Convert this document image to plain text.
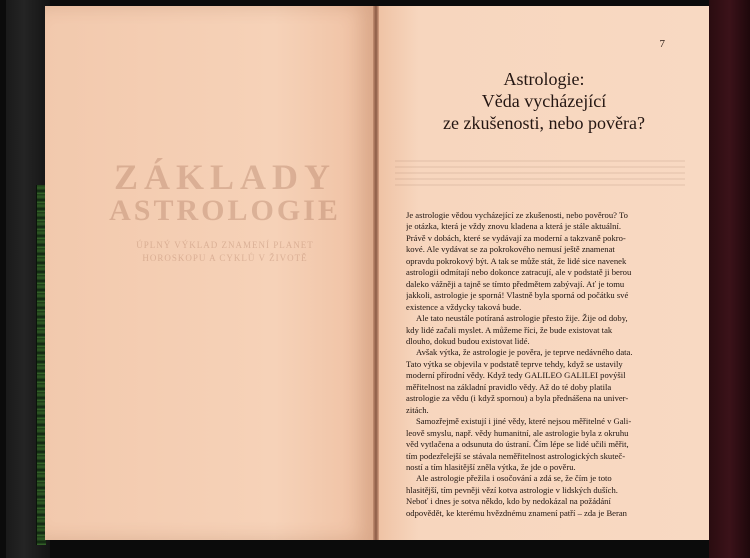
ZÁKLADY
ASTROLOGIE
ÚPLNÝ VÝKLAD ZNAMENÍ PLANET
HOROSKOPU A CYKLŮ V ŽIVOTĚ
7
Astrologie:
Věda vycházející
ze zkušenosti, nebo pověra?
Je astrologie vědou vycházející ze zkušenosti, nebo pověrou? To
je otázka, která je vždy znovu kladena a která je stále aktuální.
Právě v dobách, které se vydávají za moderní a takzvaně pokro-
kové. Ale vydávat se za pokrokového nemusí ještě znamenat
opravdu pokrokový být. A tak se může stát, že lidé sice navenek
astrologii odmítají nebo dokonce zatracují, ale v podstatě ji berou
daleko vážněji a tajně se tímto předmětem zabývají. Ať je tomu
jakkoli, astrologie je sporná! Vlastně byla sporná od počátku své
existence a vždycky taková bude.
Ale tato neustále potíraná astrologie přesto žije. Žije od doby,
kdy lidé začali myslet. A můžeme říci, že bude existovat tak
dlouho, dokud budou existovat lidé.
Avšak výtka, že astrologie je pověra, je teprve nedávného data.
Tato výtka se objevila v podstatě teprve tehdy, když se ustavily
moderní přírodní vědy. Když tedy GALILEO GALILEI povýšil
měřitelnost na základní pravidlo vědy. Až do té doby platila
astrologie za vědu (i když spornou) a byla přednášena na univer-
zitách.
Samozřejmě existují i jiné vědy, které nejsou měřitelné v Gali-
leově smyslu, např. vědy humanitní, ale astrologie byla z okruhu
věd vytlačena a odsunuta do ústraní. Čím lépe se lidé učili měřit,
tím podezřelejší se stávala neměřitelnost astrologických skuteč-
ností a tím hlasitější zněla výtka, že jde o pověru.
Ale astrologie přežila i osočování a zdá se, že čím je toto
hlasitější, tím pevněji vězí kotva astrologie v lidských duších.
Neboť i dnes je sotva někdo, kdo by nedokázal na požádání
odpovědět, ke kterému hvězdnému znamení patří – zda je Beran
